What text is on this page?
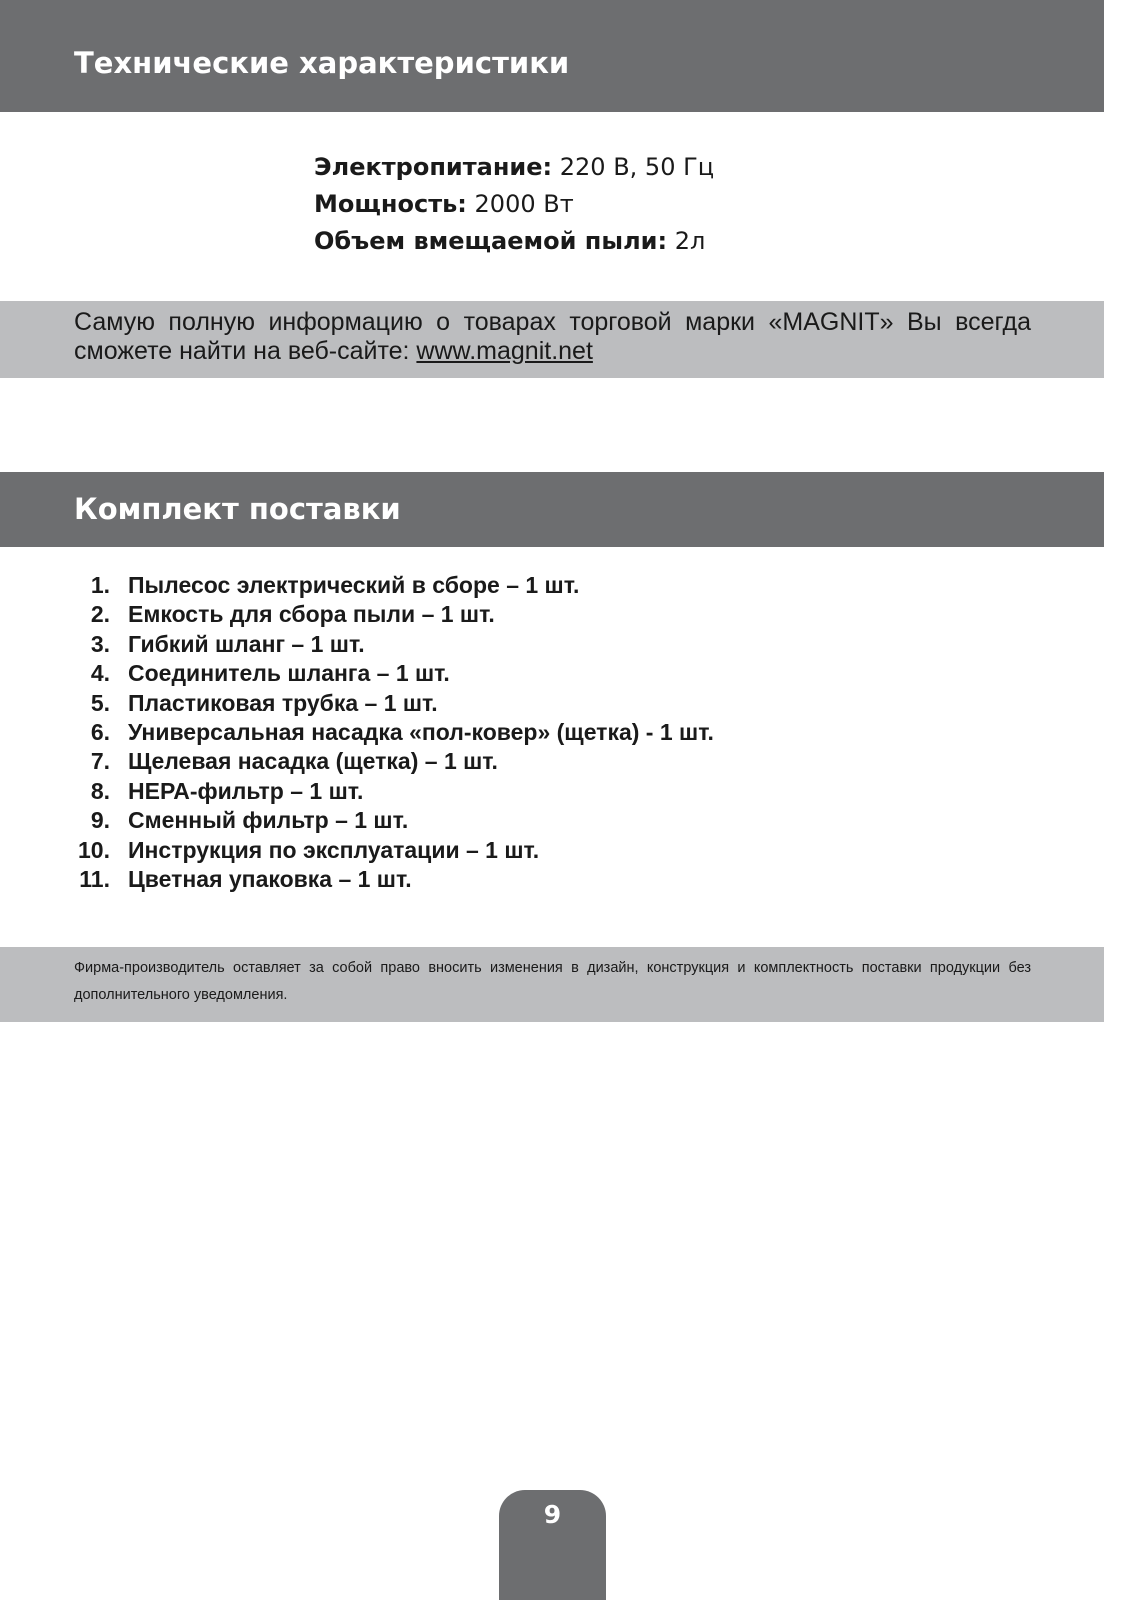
Технические характеристики
Электропитание: 220 В, 50 Гц
Мощность: 2000 Вт
Объем вмещаемой пыли: 2л
Самую полную информацию о товарах торговой марки «MAGNIT» Вы всегда сможете найти на веб-сайте: www.magnit.net
Комплект поставки
1. Пылесос электрический в сборе – 1 шт.
2. Емкость для сбора пыли – 1 шт.
3. Гибкий шланг – 1 шт.
4. Соединитель шланга – 1 шт.
5. Пластиковая трубка – 1 шт.
6. Универсальная насадка «пол-ковер» (щетка) - 1 шт.
7. Щелевая насадка (щетка) – 1 шт.
8. НЕРА-фильтр – 1 шт.
9. Сменный фильтр – 1 шт.
10. Инструкция по эксплуатации – 1 шт.
11. Цветная упаковка – 1 шт.
Фирма-производитель оставляет за собой право вносить изменения в дизайн, конструкция и комплектность поставки продукции без дополнительного уведомления.
9
